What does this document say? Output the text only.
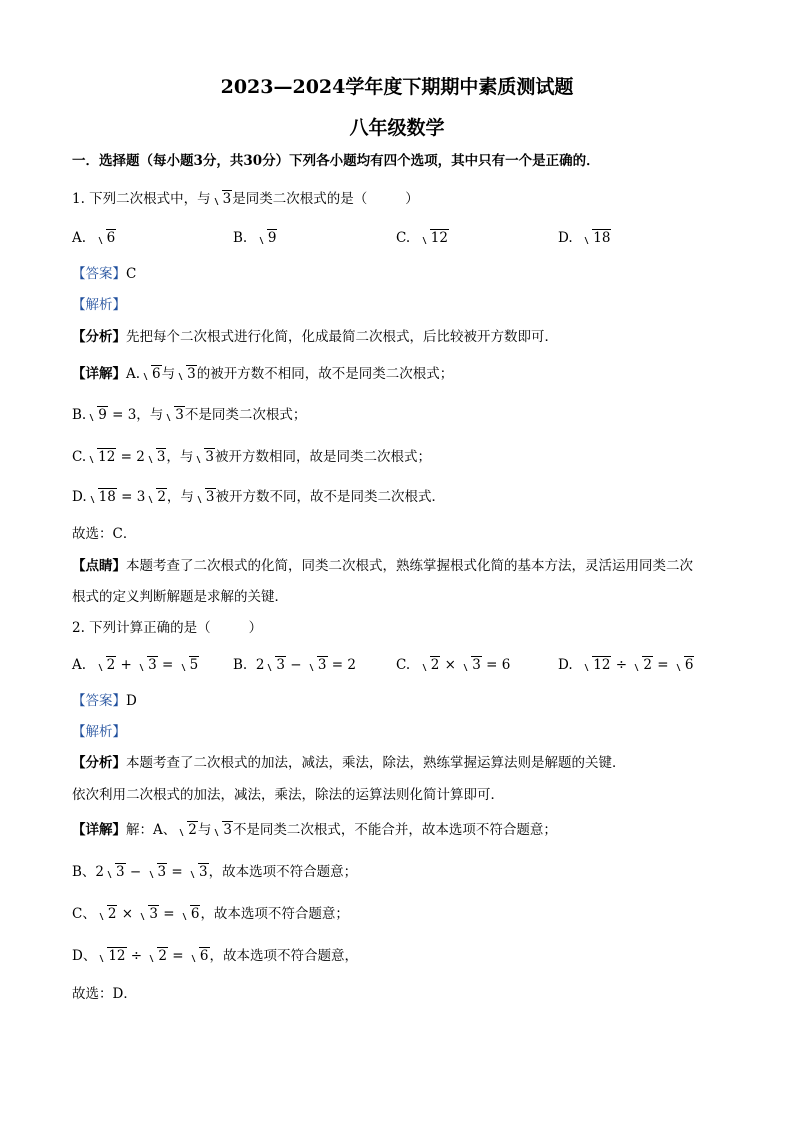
2023—2024学年度下期期中素质测试题
八年级数学
一．选择题（每小题3分，共30分）下列各小题均有四个选项，其中只有一个是正确的．
1. 下列二次根式中，与 3是同类二次根式的是（	）
A. 6	B. 9	C. 12	D. 18
【答案】C
【解析】
【分析】先把每个二次根式进行化简，化成最简二次根式，后比较被开方数即可．
【详解】A. 6与 3的被开方数不相同，故不是同类二次根式；
B. 9 = 3，与 3不是同类二次根式；
C. 12 = 2 3，与 3被开方数相同，故是同类二次根式；
D. 18 = 3 2，与 3被开方数不同，故不是同类二次根式．
故选：C．
【点睛】本题考查了二次根式的化简，同类二次根式，熟练掌握根式化简的基本方法，灵活运用同类二次
根式的定义判断解题是求解的关键．
2. 下列计算正确的是（	）
A. 2 + 3 = 5	B. 2 3 − 3 = 2	C. 2 × 3 = 6	D. 12 ÷ 2 = 6
【答案】D
【解析】
【分析】本题考查了二次根式的加法，减法，乘法，除法，熟练掌握运算法则是解题的关键．
依次利用二次根式的加法，减法，乘法，除法的运算法则化简计算即可．
【详解】解：A、 2与 3不是同类二次根式，不能合并，故本选项不符合题意；
B、2 3 − 3 = 3，故本选项不符合题意；
C、 2 × 3 = 6，故本选项不符合题意；
D、 12 ÷ 2 = 6，故本选项不符合题意，
故选：D．
